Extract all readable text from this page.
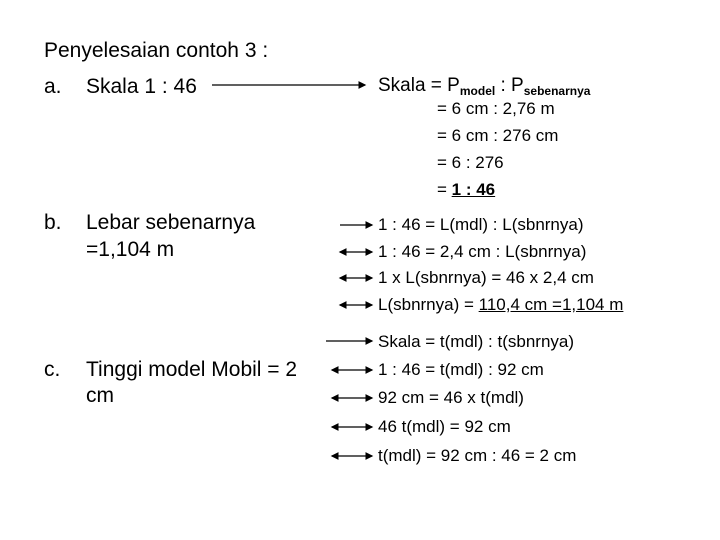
Penyelesaian contoh 3 :
a. Skala 1 : 46	Skala = $P_{model}$ : $P_{sebenarnya}$
= 6 cm : 2,76 m
= 6 cm : 276 cm
= 6 : 276
= 1 : 46
b. Lebar sebenarnya
=1,104 m
1 : 46 = L(mdl) : L(sbnrnya)
1 : 46 = 2,4 cm : L(sbnrnya)
1 x L(sbnrnya) = 46 x 2,4 cm
L(sbnrnya) = 110,4 cm =1,104 m
c. Tinggi model Mobil = 2
cm
Skala = t(mdl) : t(sbnrnya)
1 : 46 = t(mdl) : 92 cm
92 cm = 46 x t(mdl)
46 t(mdl) = 92 cm
t(mdl) = 92 cm : 46 = 2 cm
